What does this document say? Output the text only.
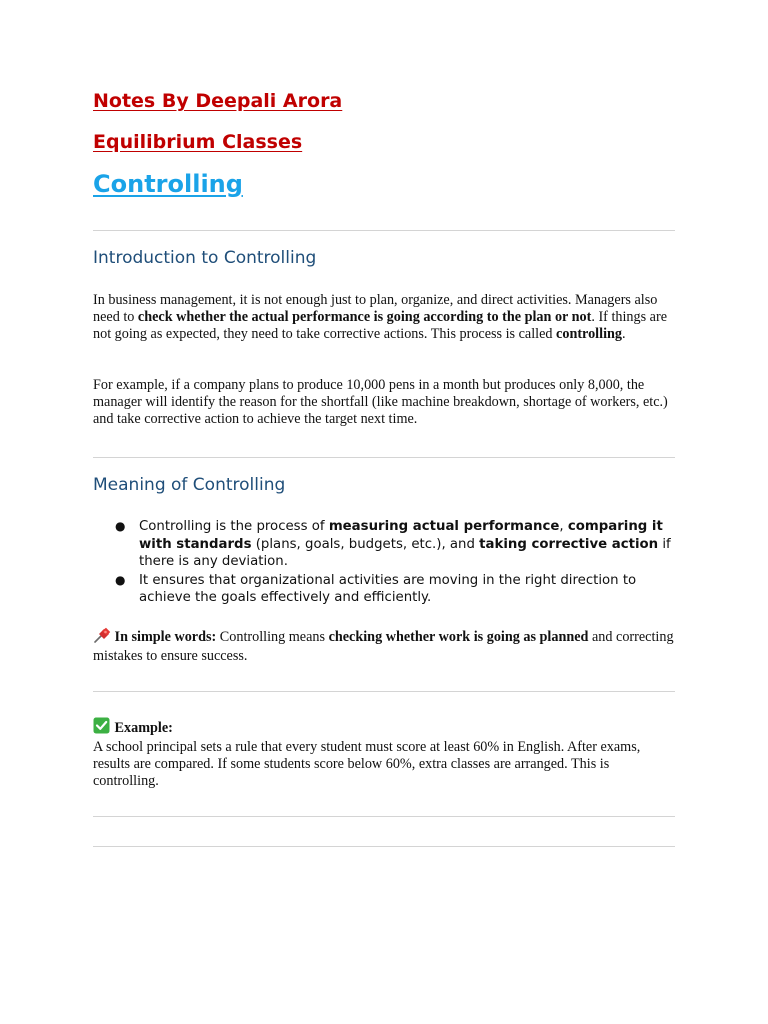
Notes By Deepali Arora
Equilibrium Classes
Controlling
Introduction to Controlling

In business management, it is not enough just to plan, organize, and direct activities. Managers also need to check whether the actual performance is going according to the plan or not. If things are not going as expected, they need to take corrective actions. This process is called controlling.

For example, if a company plans to produce 10,000 pens in a month but produces only 8,000, the manager will identify the reason for the shortfall (like machine breakdown, shortage of workers, etc.) and take corrective action to achieve the target next time.

Meaning of Controlling
● Controlling is the process of measuring actual performance, comparing it with standards (plans, goals, budgets, etc.), and taking corrective action if there is any deviation.
● It ensures that organizational activities are moving in the right direction to achieve the goals effectively and efficiently.

In simple words: Controlling means checking whether work is going as planned and correcting mistakes to ensure success.

Example:
A school principal sets a rule that every student must score at least 60% in English. After exams, results are compared. If some students score below 60%, extra classes are arranged. This is controlling.
